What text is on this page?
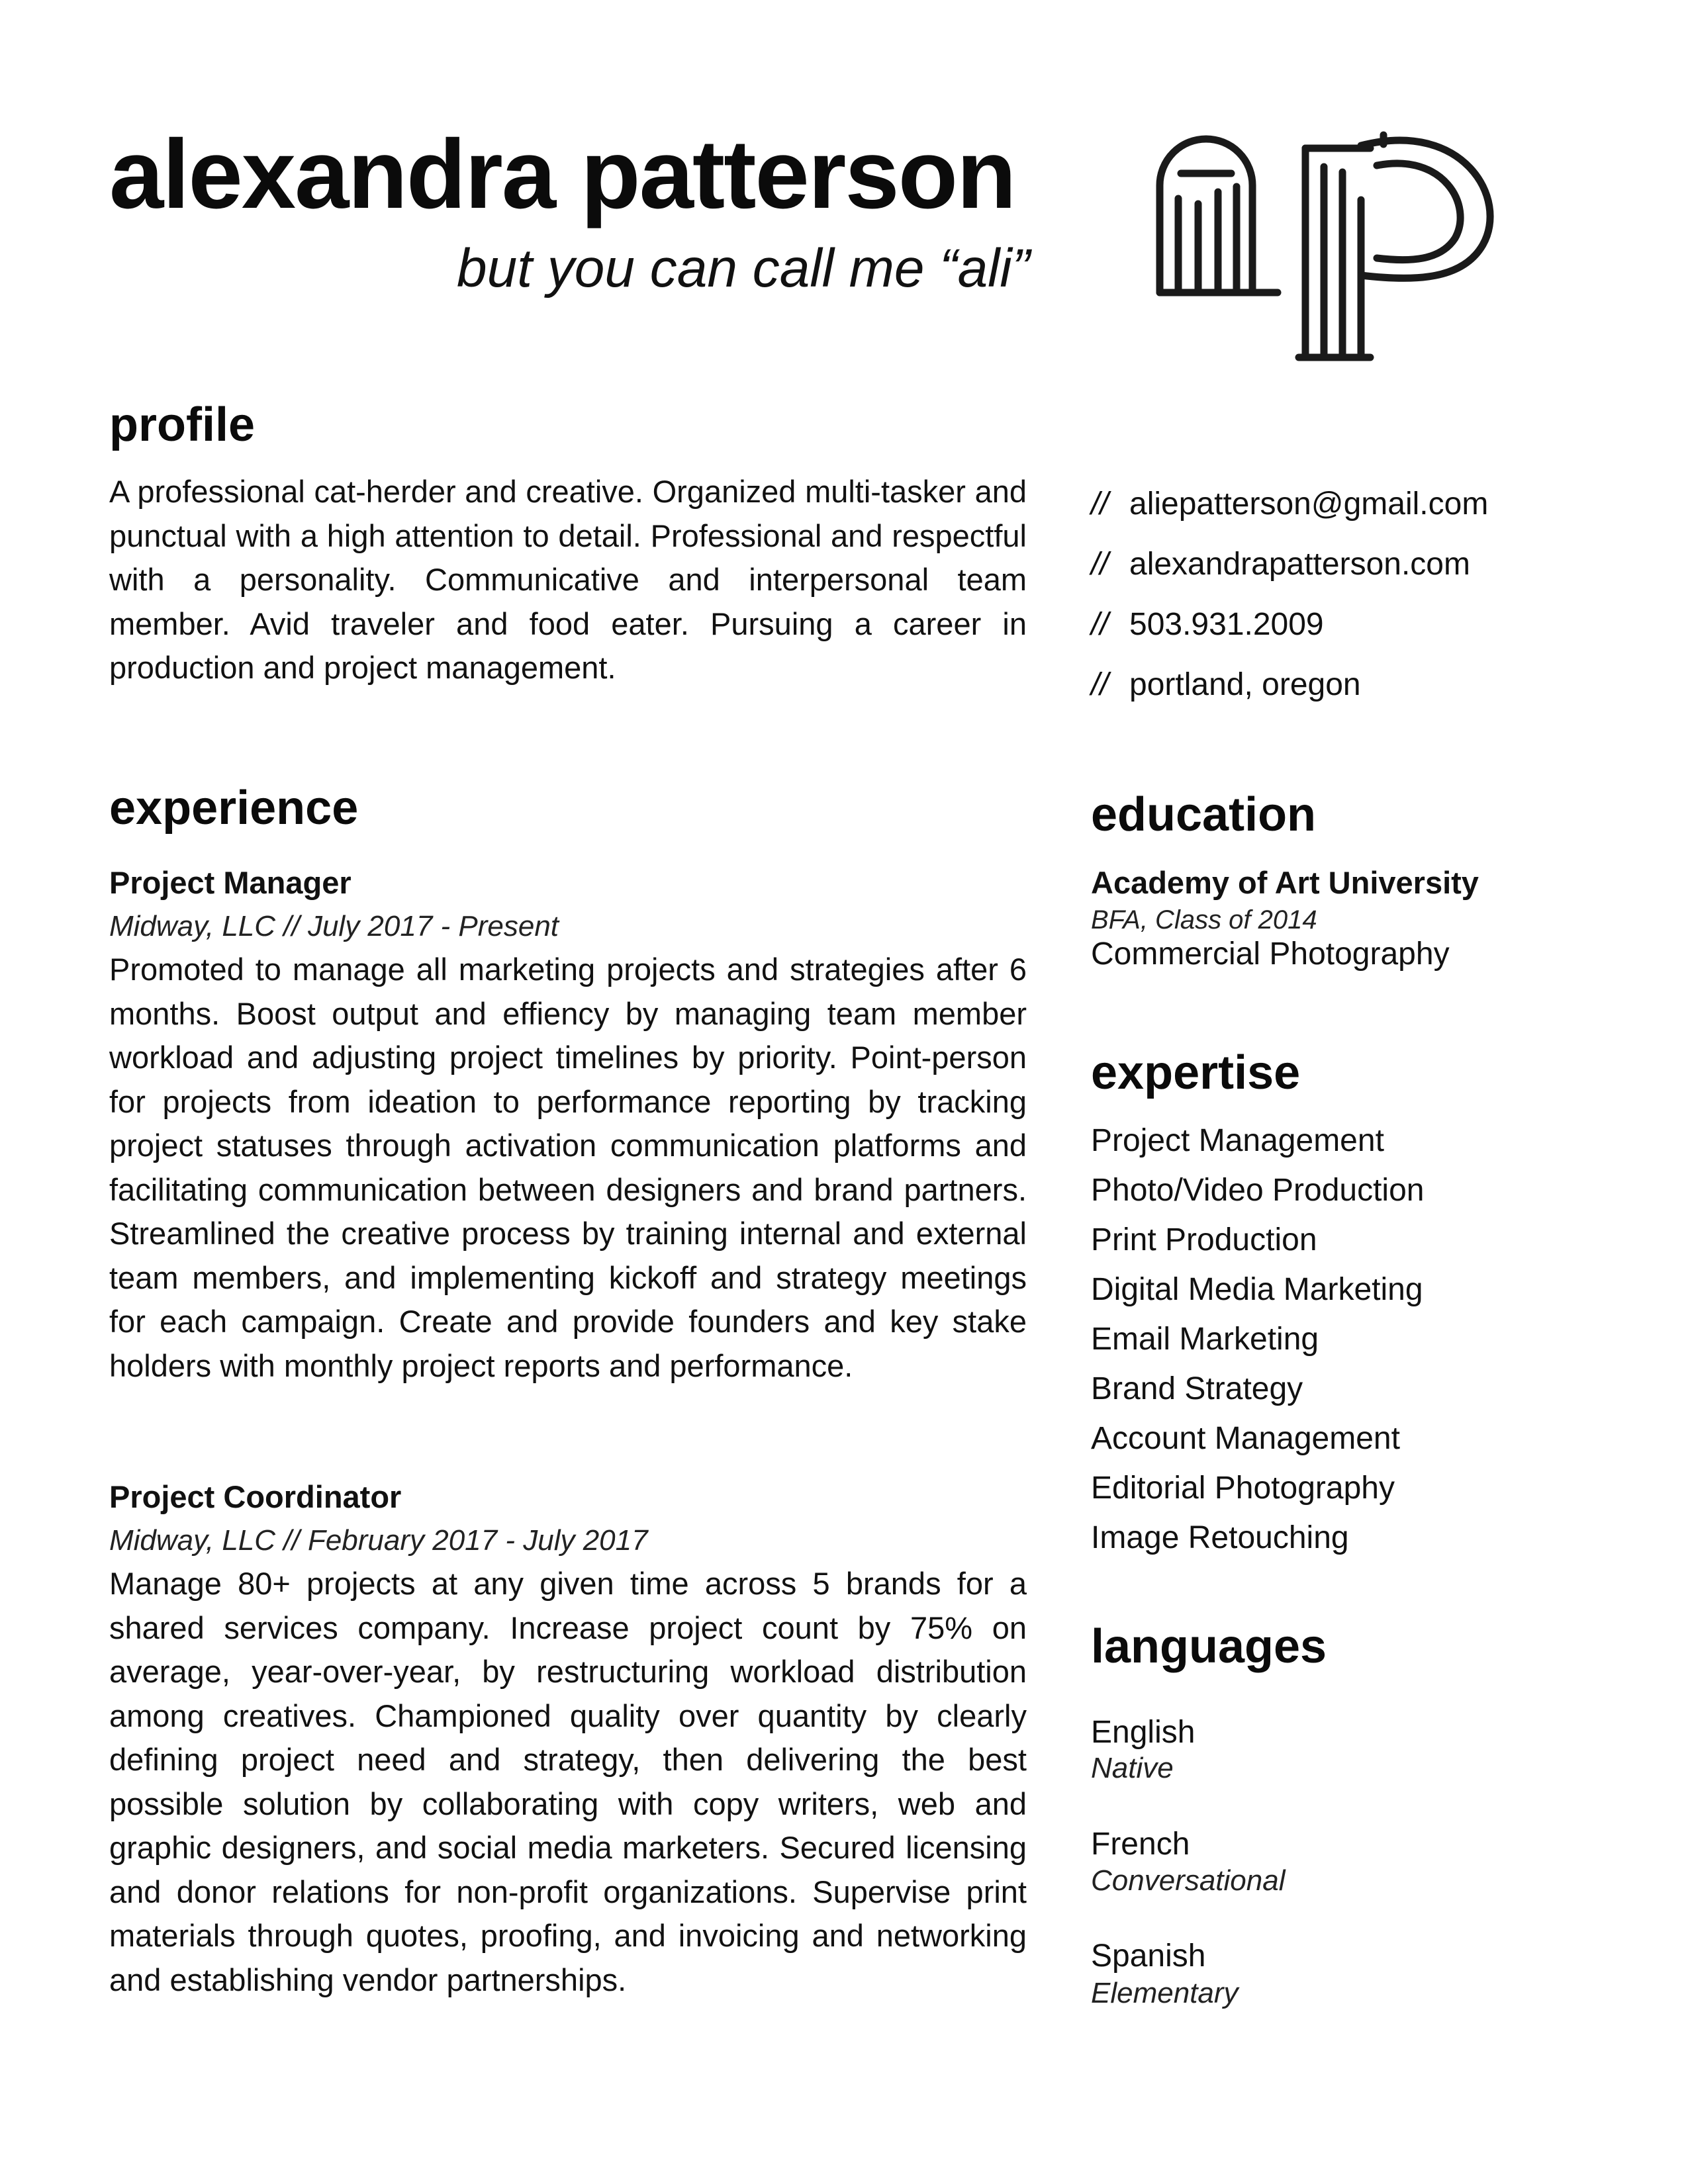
alexandra patterson
but you can call me “ali”
profile
A professional cat-herder and creative. Organized multi-tasker and punctual with a high attention to detail. Professional and respectful with a personality. Communicative and interpersonal team member. Avid traveler and food eater. Pursuing a career in production and project management.
// aliepatterson@gmail.com
// alexandrapatterson.com
// 503.931.2009
// portland, oregon
experience
Project Manager
Midway, LLC // July 2017 - Present
Promoted to manage all marketing projects and strategies after 6 months. Boost output and effiency by managing team member workload and adjusting project timelines by priority. Point-person for projects from ideation to performance reporting by tracking project statuses through activation communication platforms and facilitating communication between designers and brand partners. Streamlined the creative process by training internal and external team members, and implementing kickoff and strategy meetings for each campaign. Create and provide founders and key stake holders with monthly project reports and performance.
Project Coordinator
Midway, LLC // February 2017 - July 2017
Manage 80+ projects at any given time across 5 brands for a shared services company. Increase project count by 75% on average, year-over-year, by restructuring workload distribution among creatives. Championed quality over quantity by clearly defining project need and strategy, then delivering the best possible solution by collaborating with copy writers, web and graphic designers, and social media marketers. Secured licensing and donor relations for non-profit organizations. Supervise print materials through quotes, proofing, and invoicing and networking and establishing vendor partnerships.
education
Academy of Art University
BFA, Class of 2014
Commercial Photography
expertise
Project Management
Photo/Video Production
Print Production
Digital Media Marketing
Email Marketing
Brand Strategy
Account Management
Editorial Photography
Image Retouching
languages
English
Native
French
Conversational
Spanish
Elementary
